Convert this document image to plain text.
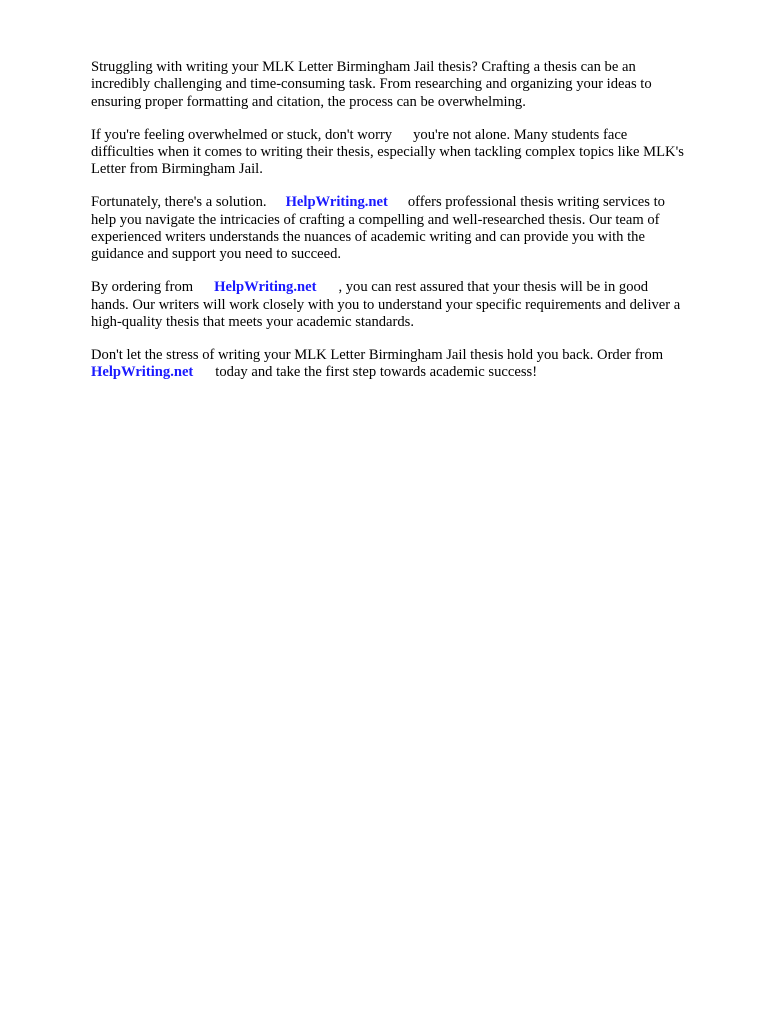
Struggling with writing your MLK Letter Birmingham Jail thesis? Crafting a thesis can be an
incredibly challenging and time-consuming task. From researching and organizing your ideas to
ensuring proper formatting and citation, the process can be overwhelming.

If you're feeling overwhelmed or stuck, don't worry you're not alone. Many students face
difficulties when it comes to writing their thesis, especially when tackling complex topics like MLK's
Letter from Birmingham Jail.

Fortunately, there's a solution. HelpWriting.net offers professional thesis writing services to
help you navigate the intricacies of crafting a compelling and well-researched thesis. Our team of
experienced writers understands the nuances of academic writing and can provide you with the
guidance and support you need to succeed.

By ordering from HelpWriting.net , you can rest assured that your thesis will be in good
hands. Our writers will work closely with you to understand your specific requirements and deliver a
high-quality thesis that meets your academic standards.

Don't let the stress of writing your MLK Letter Birmingham Jail thesis hold you back. Order from
HelpWriting.net today and take the first step towards academic success!
